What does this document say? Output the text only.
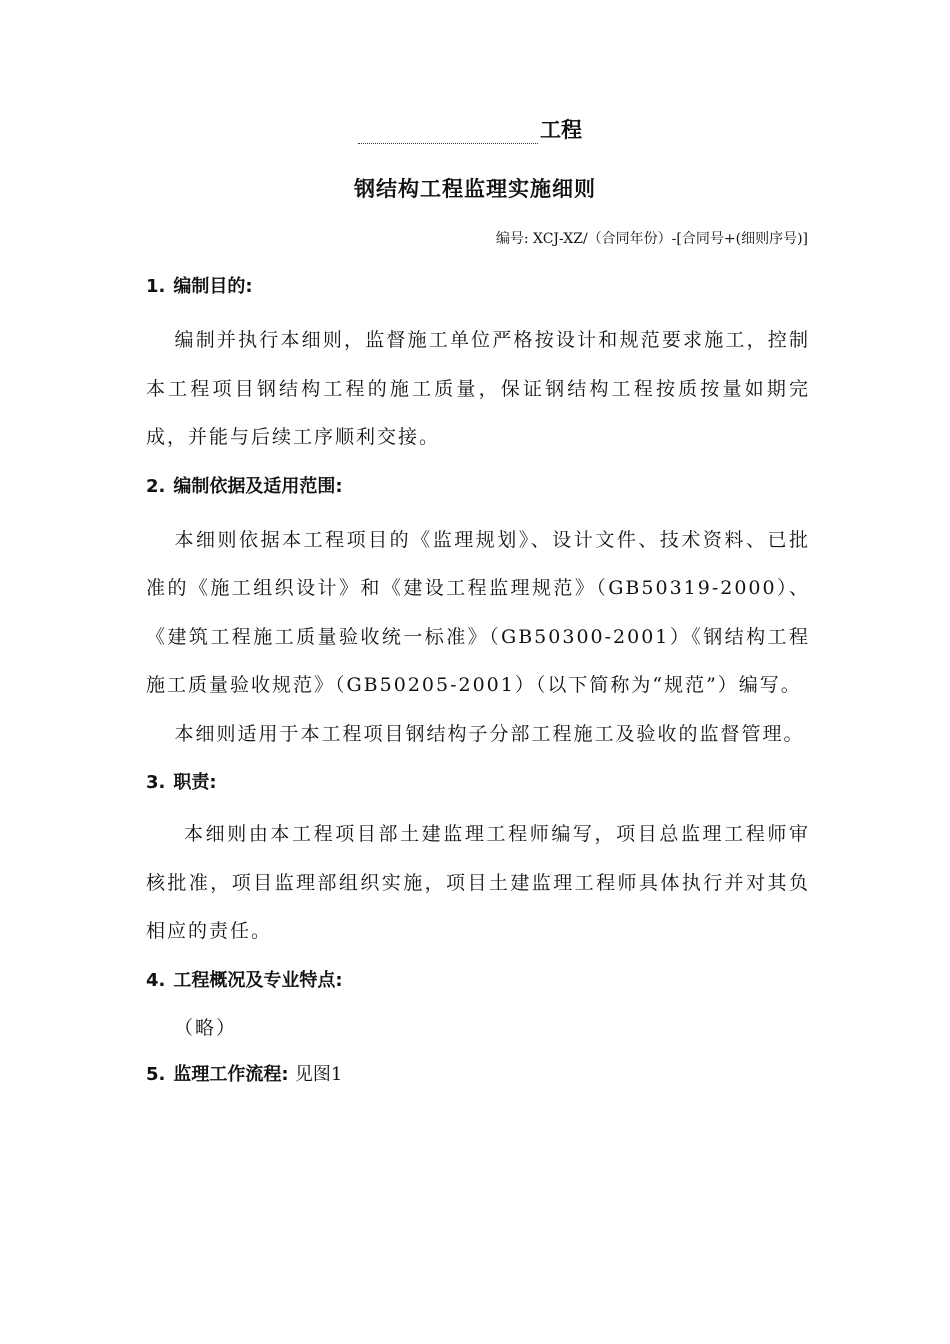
工程
钢结构工程监理实施细则
编号: XCJ-XZ/（合同年份）-[合同号+(细则序号)]
1. 编制目的:

编制并执行本细则，监督施工单位严格按设计和规范要求施工，控制本工程项目钢结构工程的施工质量，保证钢结构工程按质按量如期完成，并能与后续工序顺利交接。

2. 编制依据及适用范围:

本细则依据本工程项目的《监理规划》、设计文件、技术资料、已批准的《施工组织设计》和《建设工程监理规范》（GB50319-2000）、《建筑工程施工质量验收统一标准》（GB50300-2001）《钢结构工程施工质量验收规范》（GB50205-2001）（以下简称为“规范”）编写。

本细则适用于本工程项目钢结构子分部工程施工及验收的监督管理。

3. 职责:

本细则由本工程项目部土建监理工程师编写，项目总监理工程师审核批准，项目监理部组织实施，项目土建监理工程师具体执行并对其负相应的责任。

4. 工程概况及专业特点:

（略）

5. 监理工作流程: 见图1
